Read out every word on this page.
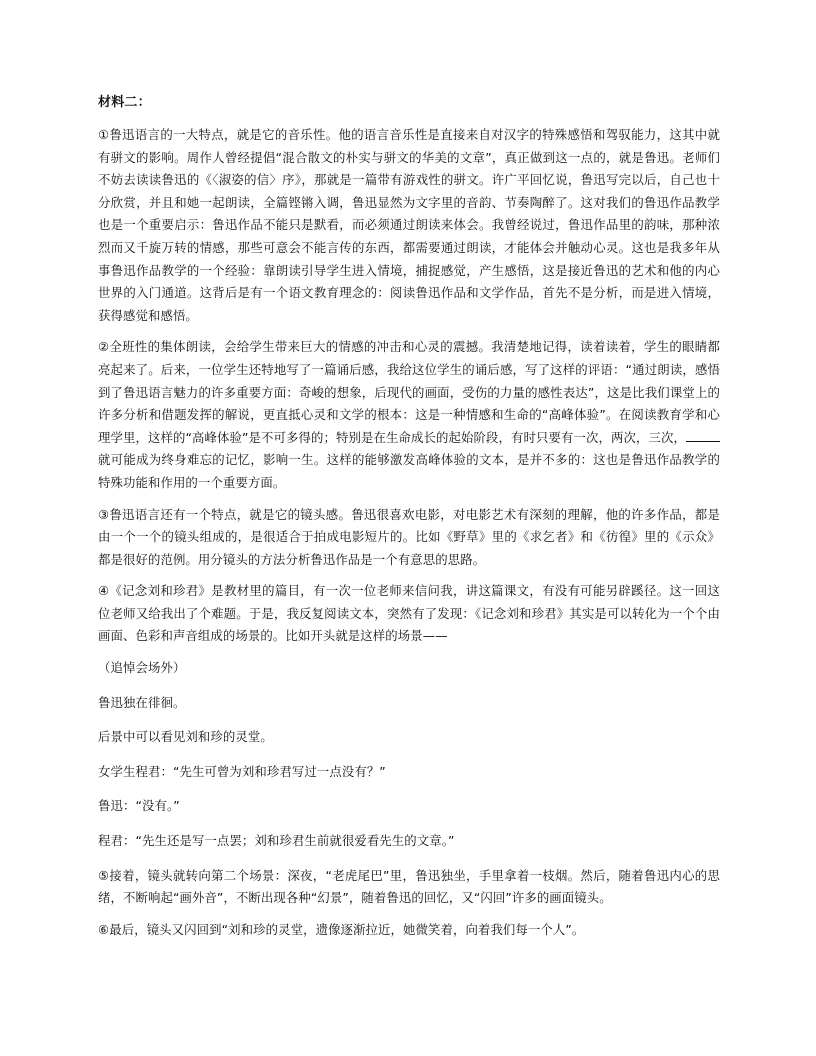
材料二：

①鲁迅语言的一大特点，就是它的音乐性。他的语言音乐性是直接来自对汉字的特殊感悟和驾驭能力，这其中就有骈文的影响。周作人曾经提倡“混合散文的朴实与骈文的华美的文章”，真正做到这一点的，就是鲁迅。老师们不妨去读读鲁迅的《〈淑姿的信〉序》，那就是一篇带有游戏性的骈文。许广平回忆说，鲁迅写完以后，自己也十分欣赏，并且和她一起朗读，全篇铿锵入调，鲁迅显然为文字里的音韵、节奏陶醉了。这对我们的鲁迅作品教学也是一个重要启示：鲁迅作品不能只是默看，而必须通过朗读来体会。我曾经说过，鲁迅作品里的韵味，那种浓烈而又千旋万转的情感，那些可意会不能言传的东西，都需要通过朗读，才能体会并触动心灵。这也是我多年从事鲁迅作品教学的一个经验：靠朗读引导学生进入情境，捕捉感觉，产生感悟，这是接近鲁迅的艺术和他的内心世界的入门通道。这背后是有一个语文教育理念的：阅读鲁迅作品和文学作品，首先不是分析，而是进入情境，获得感觉和感悟。

②全班性的集体朗读，会给学生带来巨大的情感的冲击和心灵的震撼。我清楚地记得，读着读着，学生的眼睛都亮起来了。后来，一位学生还特地写了一篇诵后感，我给这位学生的诵后感，写了这样的评语：“通过朗读，感悟到了鲁迅语言魅力的许多重要方面：奇峻的想象，后现代的画面，受伤的力量的感性表达”，这是比我们课堂上的许多分析和借题发挥的解说，更直抵心灵和文学的根本：这是一种情感和生命的“高峰体验”。在阅读教育学和心理学里，这样的“高峰体验”是不可多得的；特别是在生命成长的起始阶段，有时只要有一次，两次，三次，就可能成为终身难忘的记忆，影响一生。这样的能够激发高峰体验的文本，是并不多的：这也是鲁迅作品教学的特殊功能和作用的一个重要方面。

③鲁迅语言还有一个特点，就是它的镜头感。鲁迅很喜欢电影，对电影艺术有深刻的理解，他的许多作品，都是由一个一个的镜头组成的，是很适合于拍成电影短片的。比如《野草》里的《求乞者》和《彷徨》里的《示众》都是很好的范例。用分镜头的方法分析鲁迅作品是一个有意思的思路。

④《记念刘和珍君》是教材里的篇目，有一次一位老师来信问我，讲这篇课文，有没有可能另辟蹊径。这一回这位老师又给我出了个难题。于是，我反复阅读文本，突然有了发现：《记念刘和珍君》其实是可以转化为一个个由画面、色彩和声音组成的场景的。比如开头就是这样的场景——

（追悼会场外）
鲁迅独在徘徊。
后景中可以看见刘和珍的灵堂。
女学生程君：“先生可曾为刘和珍君写过一点没有？”
鲁迅：“没有。”
程君：“先生还是写一点罢；刘和珍君生前就很爱看先生的文章。”

⑤接着，镜头就转向第二个场景：深夜，“老虎尾巴”里，鲁迅独坐，手里拿着一枝烟。然后，随着鲁迅内心的思绪，不断响起“画外音”，不断出现各种“幻景”，随着鲁迅的回忆，又“闪回”许多的画面镜头。

⑥最后，镜头又闪回到“刘和珍的灵堂，遗像逐渐拉近，她微笑着，向着我们每一个人”。
